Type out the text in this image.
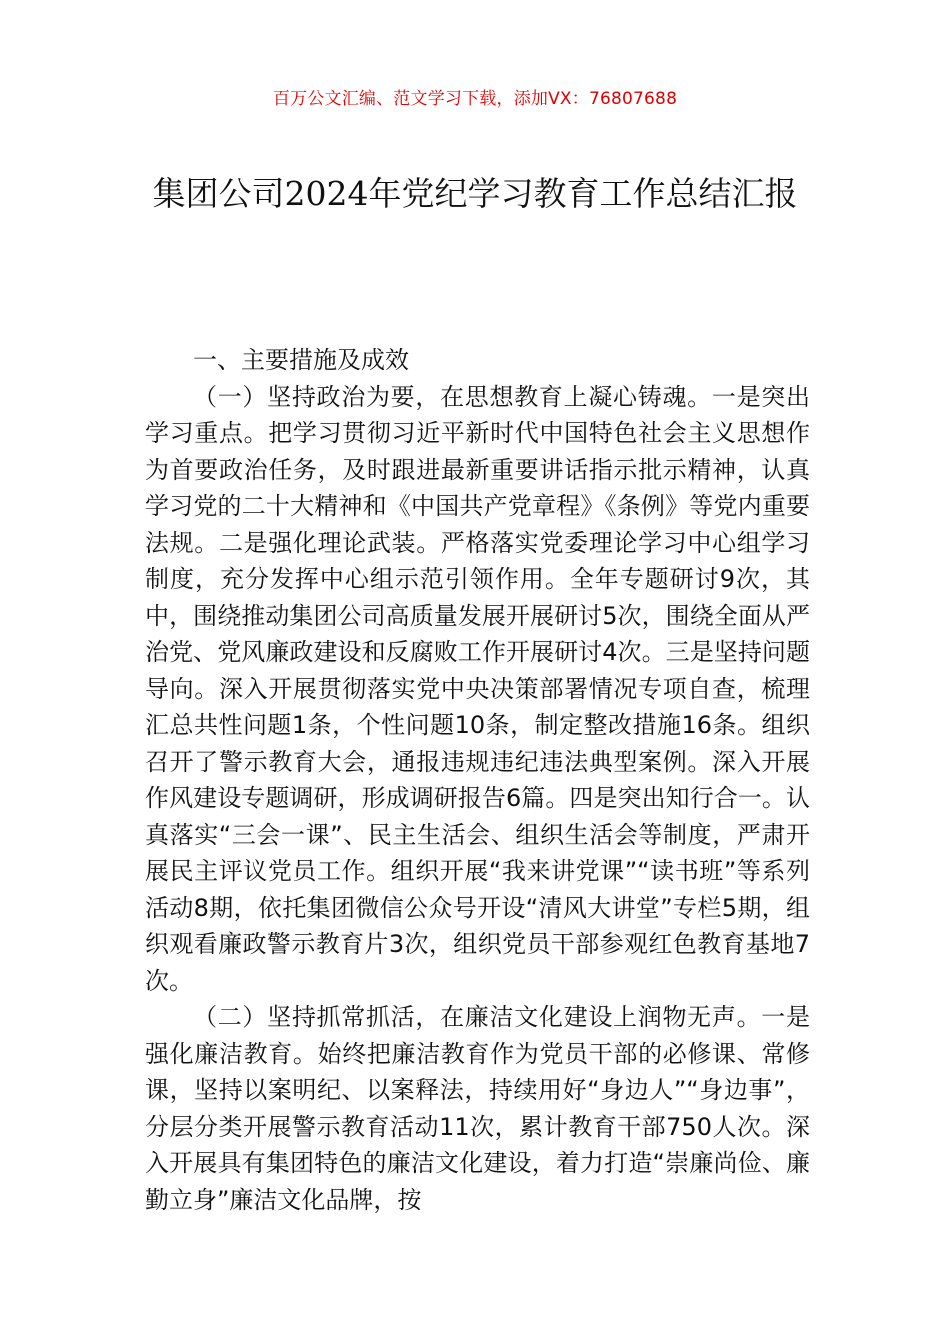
百万公文汇编、范文学习下载，添加VX：76807688
集团公司2024年党纪学习教育工作总结汇报

一、主要措施及成效

（一）坚持政治为要，在思想教育上凝心铸魂。一是突出学习重点。把学习贯彻习近平新时代中国特色社会主义思想作为首要政治任务，及时跟进最新重要讲话指示批示精神，认真学习党的二十大精神和《中国共产党章程》《条例》等党内重要法规。二是强化理论武装。严格落实党委理论学习中心组学习制度，充分发挥中心组示范引领作用。全年专题研讨9次，其中，围绕推动集团公司高质量发展开展研讨5次，围绕全面从严治党、党风廉政建设和反腐败工作开展研讨4次。三是坚持问题导向。深入开展贯彻落实党中央决策部署情况专项自查，梳理汇总共性问题1条，个性问题10条，制定整改措施16条。组织召开了警示教育大会，通报违规违纪违法典型案例。深入开展作风建设专题调研，形成调研报告6篇。四是突出知行合一。认真落实“三会一课”、民主生活会、组织生活会等制度，严肃开展民主评议党员工作。组织开展“我来讲党课”“读书班”等系列活动8期，依托集团微信公众号开设“清风大讲堂”专栏5期，组织观看廉政警示教育片3次，组织党员干部参观红色教育基地7次。

（二）坚持抓常抓活，在廉洁文化建设上润物无声。一是强化廉洁教育。始终把廉洁教育作为党员干部的必修课、常修课，坚持以案明纪、以案释法，持续用好“身边人”“身边事”，分层分类开展警示教育活动11次，累计教育干部750人次。深入开展具有集团特色的廉洁文化建设，着力打造“崇廉尚俭、廉勤立身”廉洁文化品牌，按
